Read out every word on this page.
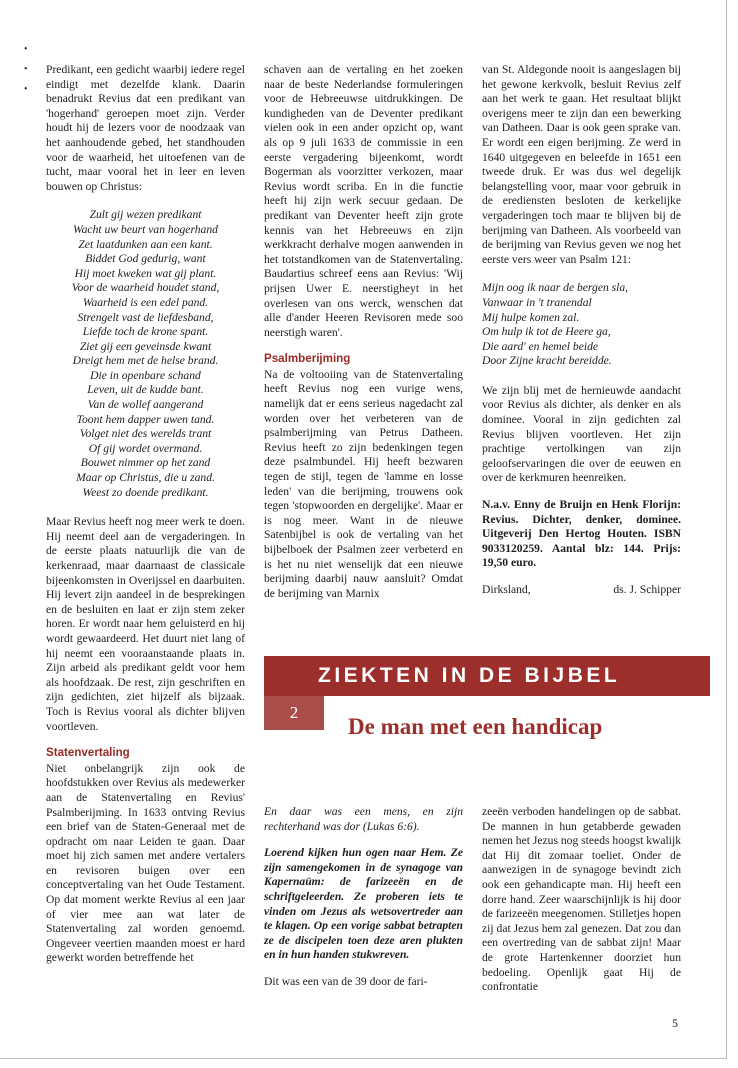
•
•
•

Predikant, een gedicht waarbij iedere regel eindigt met dezelfde klank. Daarin benadrukt Revius dat een predikant van 'hogerhand' geroepen moet zijn. Verder houdt hij de lezers voor de noodzaak van het aanhoudende gebed, het standhouden voor de waarheid, het uitoefenen van de tucht, maar vooral het in leer en leven bouwen op Christus:

Zult gij wezen predikant
Wacht uw beurt van hogerhand
Zet laatdunken aan een kant.
Biddet God gedurig, want
Hij moet kweken wat gij plant.
Voor de waarheid houdet stand,
Waarheid is een edel pand.
Strengelt vast de liefdesband,
Liefde toch de krone spant.
Ziet gij een geveinsde kwant
Dreigt hem met de helse brand.
Die in openbare schand
Leven, uit de kudde bant.
Van de wollef aangerand
Toont hem dapper uwen tand.
Volget niet des werelds trant
Of gij wordet overmand.
Bouwet nimmer op het zand
Maar op Christus, die u zand.
Weest zo doende predikant.

Maar Revius heeft nog meer werk te doen. Hij neemt deel aan de vergaderingen. In de eerste plaats natuurlijk die van de kerkenraad, maar daarnaast de classicale bijeenkomsten in Overijssel en daarbuiten. Hij levert zijn aandeel in de besprekingen en de besluiten en laat er zijn stem zeker horen. Er wordt naar hem geluisterd en hij wordt gewaardeerd. Het duurt niet lang of hij neemt een vooraanstaande plaats in. Zijn arbeid als predikant geldt voor hem als hoofdzaak. De rest, zijn geschriften en zijn gedichten, ziet hijzelf als bijzaak. Toch is Revius vooral als dichter blijven voortleven.

Statenvertaling

Niet onbelangrijk zijn ook de hoofdstukken over Revius als medewerker aan de Statenvertaling en Revius' Psalmberijming. In 1633 ontving Revius een brief van de Staten-Generaal met de opdracht om naar Leiden te gaan. Daar moet hij zich samen met andere vertalers en revisoren buigen over een conceptvertaling van het Oude Testament. Op dat moment werkte Revius al een jaar of vier mee aan wat later de Statenvertaling zal worden genoemd. Ongeveer veertien maanden moest er hard gewerkt worden betreffende het

schaven aan de vertaling en het zoeken naar de beste Nederlandse formuleringen voor de Hebreeuwse uitdrukkingen. De kundigheden van de Deventer predikant vielen ook in een ander opzicht op, want als op 9 juli 1633 de commissie in een eerste vergadering bijeenkomt, wordt Bogerman als voorzitter verkozen, maar Revius wordt scriba. En in die functie heeft hij zijn werk secuur gedaan. De predikant van Deventer heeft zijn grote kennis van het Hebreeuws en zijn werkkracht derhalve mogen aanwenden in het totstandkomen van de Statenvertaling. Baudartius schreef eens aan Revius: 'Wij prijsen Uwer E. neerstigheyt in het overlesen van ons werck, wenschen dat alle d'ander Heeren Revisoren mede soo neerstigh waren'.

Psalmberijming

Na de voltooiing van de Statenvertaling heeft Revius nog een vurige wens, namelijk dat er eens serieus nagedacht zal worden over het verbeteren van de psalmberijming van Petrus Datheen. Revius heeft zo zijn bedenkingen tegen deze psalmbundel. Hij heeft bezwaren tegen de stijl, tegen de 'lamme en losse leden' van die berijming, trouwens ook tegen 'stopwoorden en dergelijke'. Maar er is nog meer. Want in de nieuwe Satenbijbel is ook de vertaling van het bijbelboek der Psalmen zeer verbeterd en is het nu niet wenselijk dat een nieuwe berijming daarbij nauw aansluit? Omdat de berijming van Marnix

van St. Aldegonde nooit is aangeslagen bij het gewone kerkvolk, besluit Revius zelf aan het werk te gaan. Het resultaat blijkt overigens meer te zijn dan een bewerking van Datheen. Daar is ook geen sprake van. Er wordt een eigen berijming. Ze werd in 1640 uitgegeven en beleefde in 1651 een tweede druk. Er was dus wel degelijk belangstelling voor, maar voor gebruik in de erediensten besloten de kerkelijke vergaderingen toch maar te blijven bij de berijming van Datheen. Als voorbeeld van de berijming van Revius geven we nog het eerste vers weer van Psalm 121:

Mijn oog ik naar de bergen sla,
Vanwaar in 't tranendal
Mij hulpe komen zal.
Om hulp ik tot de Heere ga,
Die aard' en hemel beide
Door Zijne kracht bereidde.

We zijn blij met de hernieuwde aandacht voor Revius als dichter, als denker en als dominee. Vooral in zijn gedichten zal Revius blijven voortleven. Het zijn prachtige vertolkingen van zijn geloofservaringen die over de eeuwen en over de kerkmuren heenreiken.

N.a.v. Enny de Bruijn en Henk Florijn: Revius. Dichter, denker, dominee. Uitgeverij Den Hertog Houten. ISBN 9033120259. Aantal blz: 144. Prijs: 19,50 euro.

Dirksland,	ds. J. Schipper
ZIEKTEN IN DE BIJBEL
2
De man met een handicap

En daar was een mens, en zijn rechterhand was dor (Lukas 6:6).

Loerend kijken hun ogen naar Hem. Ze zijn samengekomen in de synagoge van Kapernaüm: de farizeeën en de schriftgeleerden. Ze proberen iets te vinden om Jezus als wetsovertreder aan te klagen. Op een vorige sabbat betrapten ze de discipelen toen deze aren plukten en in hun handen stukwreven.

Dit was een van de 39 door de fari-

zeeën verboden handelingen op de sabbat. De mannen in hun getabberde gewaden nemen het Jezus nog steeds hoogst kwalijk dat Hij dit zomaar toeliet. Onder de aanwezigen in de synagoge bevindt zich ook een gehandicapte man. Hij heeft een dorre hand. Zeer waarschijnlijk is hij door de farizeeën meegenomen. Stilletjes hopen zij dat Jezus hem zal genezen. Dat zou dan een overtreding van de sabbat zijn! Maar de grote Hartenkenner doorziet hun bedoeling. Openlijk gaat Hij de confrontatie

5
